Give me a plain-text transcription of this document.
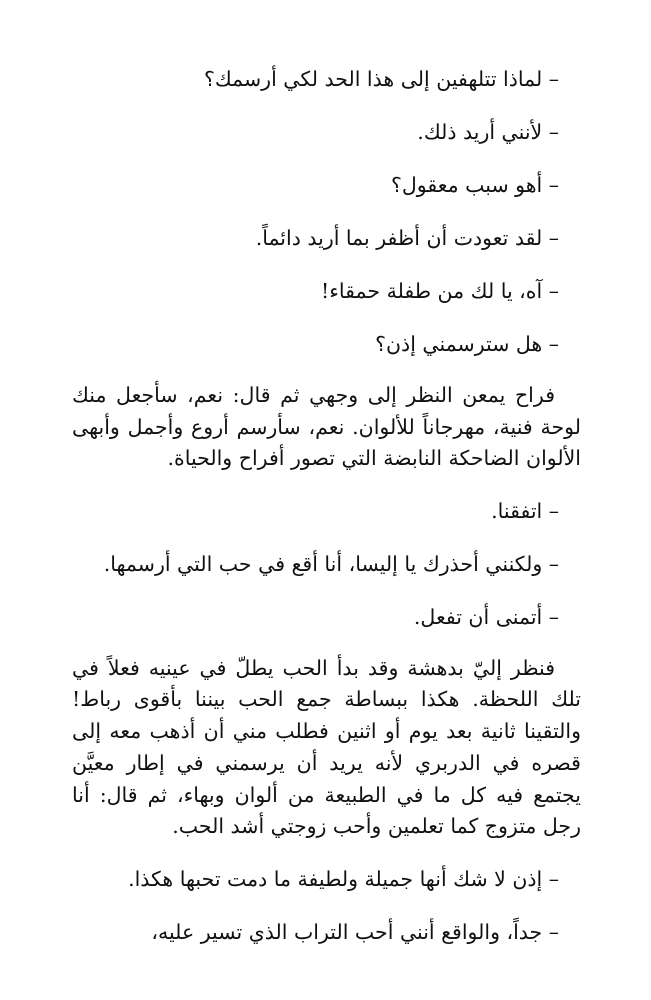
– لماذا تتلهفين إلى هذا الحد لكي أرسمك؟

– لأنني أريد ذلك.

– أهو سبب معقول؟

– لقد تعودت أن أظفر بما أريد دائماً.

– آه، يا لك من طفلة حمقاء!

– هل سترسمني إذن؟

فراح يمعن النظر إلى وجهي ثم قال: نعم، سأجعل منك لوحة فنية، مهرجاناً للألوان. نعم، سأرسم أروع وأجمل وأبهى الألوان الضاحكة النابضة التي تصور أفراح والحياة.

– اتفقنا.

– ولكنني أحذرك يا إليسا، أنا أقع في حب التي أرسمها.

– أتمنى أن تفعل.

فنظر إليّ بدهشة وقد بدأ الحب يطلّ في عينيه فعلاً في تلك اللحظة. هكذا ببساطة جمع الحب بيننا بأقوى رباط! والتقينا ثانية بعد يوم أو اثنين فطلب مني أن أذهب معه إلى قصره في الدربري لأنه يريد أن يرسمني في إطار معيَّن يجتمع فيه كل ما في الطبيعة من ألوان وبهاء، ثم قال: أنا رجل متزوج كما تعلمين وأحب زوجتي أشد الحب.

– إذن لا شك أنها جميلة ولطيفة ما دمت تحبها هكذا.

– جداً، والواقع أنني أحب التراب الذي تسير عليه،
